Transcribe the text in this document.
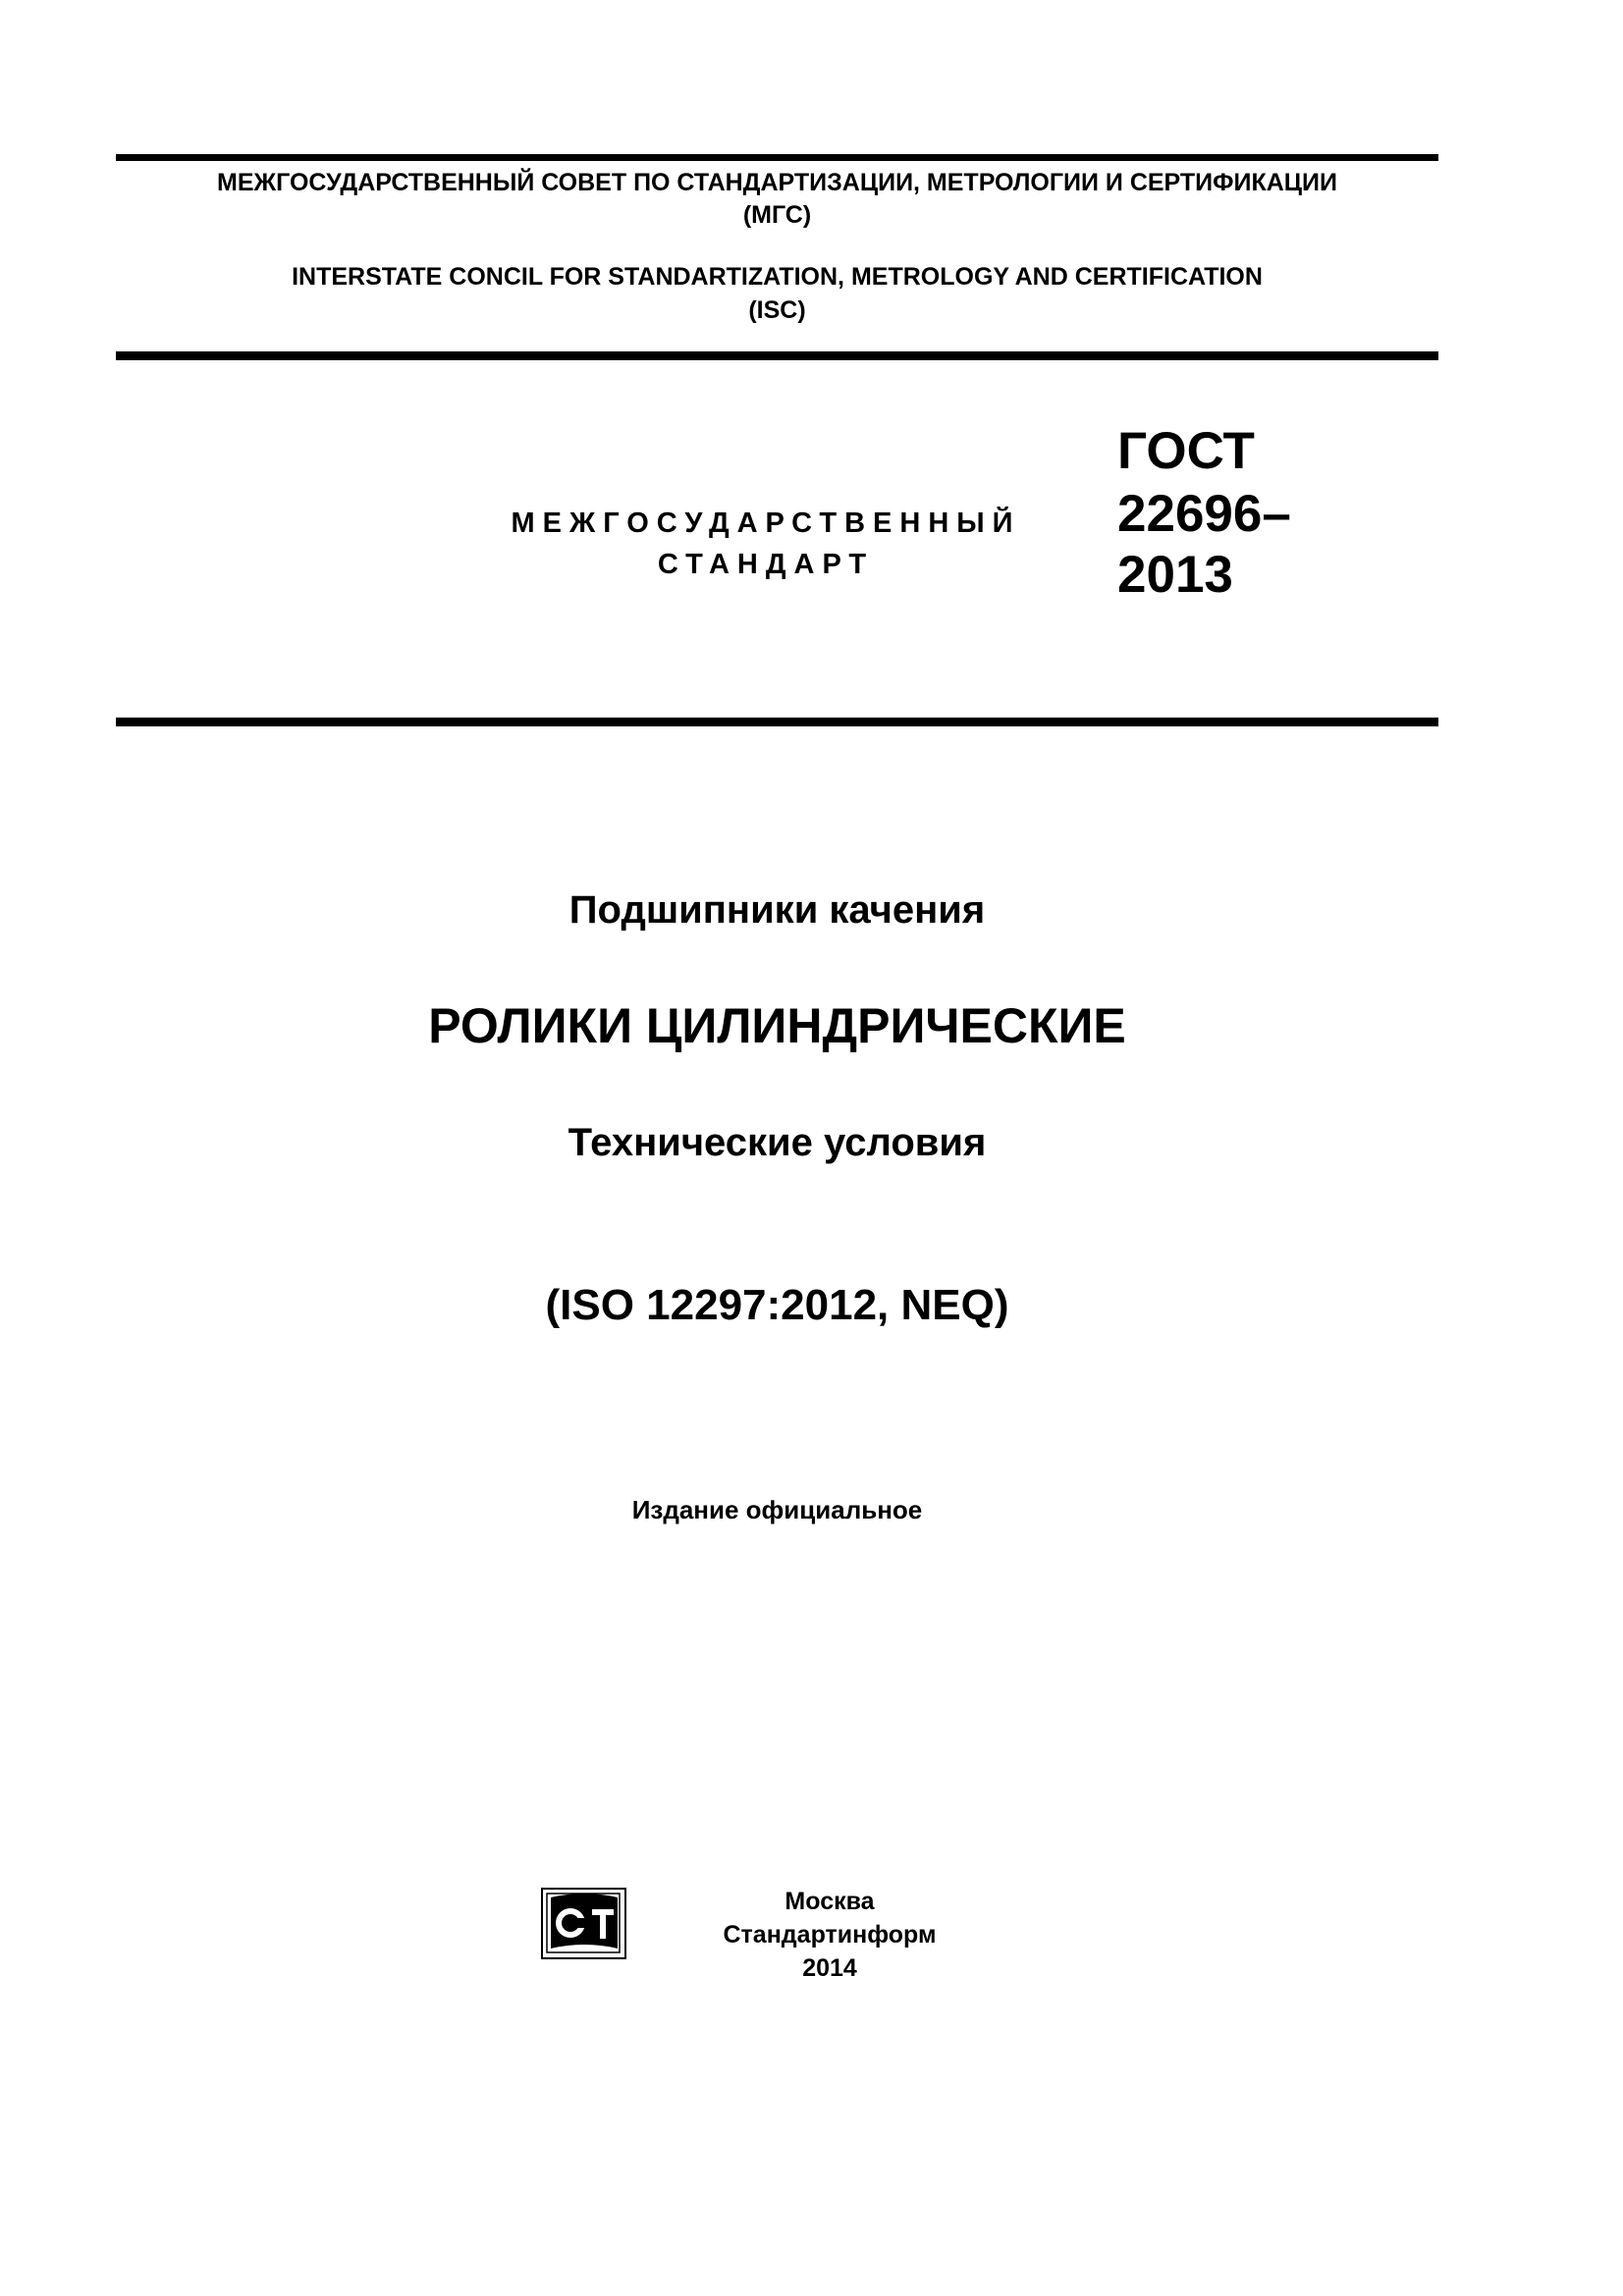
МЕЖГОСУДАРСТВЕННЫЙ СОВЕТ ПО СТАНДАРТИЗАЦИИ, МЕТРОЛОГИИ И СЕРТИФИКАЦИИ
(МГС)
INTERSTATE CONCIL FOR STANDARTIZATION, METROLOGY AND CERTIFICATION
(ISC)
МЕЖГОСУДАРСТВЕННЫЙ
СТАНДАРТ
ГОСТ
22696–
2013
Подшипники качения
РОЛИКИ ЦИЛИНДРИЧЕСКИЕ
Технические условия
(ISO 12297:2012, NEQ)
Издание официальное
Москва
Стандартинформ
2014
